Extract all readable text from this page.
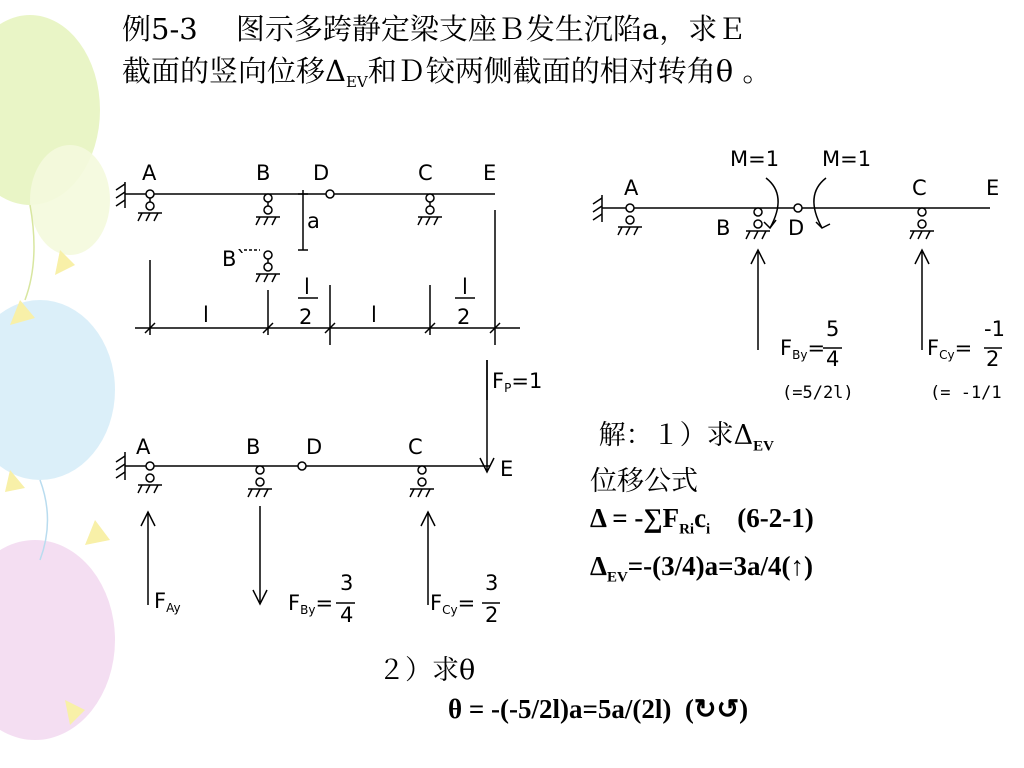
例5-3　 图示多跨静定梁支座Ｂ发生沉陷a，求Ｅ
截面的竖向位移$\Delta_{EV}$和Ｄ铰两侧截面的相对转角θ 。
A	B D	C E
a
B`
l
l
2	l
l
2
FP=1
M=1 M=1
A
B	D
C	E
FBy=
5
4	FCy=
-1
2
(=5/2l)	(= -1/1
A	B D	C
E
FAy	FBy=
3
4	FCy=
3
2
解：１）求$\Delta_{EV}$
位移公式
$\Delta = -\sum F_{Ri}c_i$ (6-2-1)
$\Delta_{EV}=-(3/4)a=3a/4(↑)$
２）求θ
θ = -(-5/2l)a=5a/(2l) (↻↺)
